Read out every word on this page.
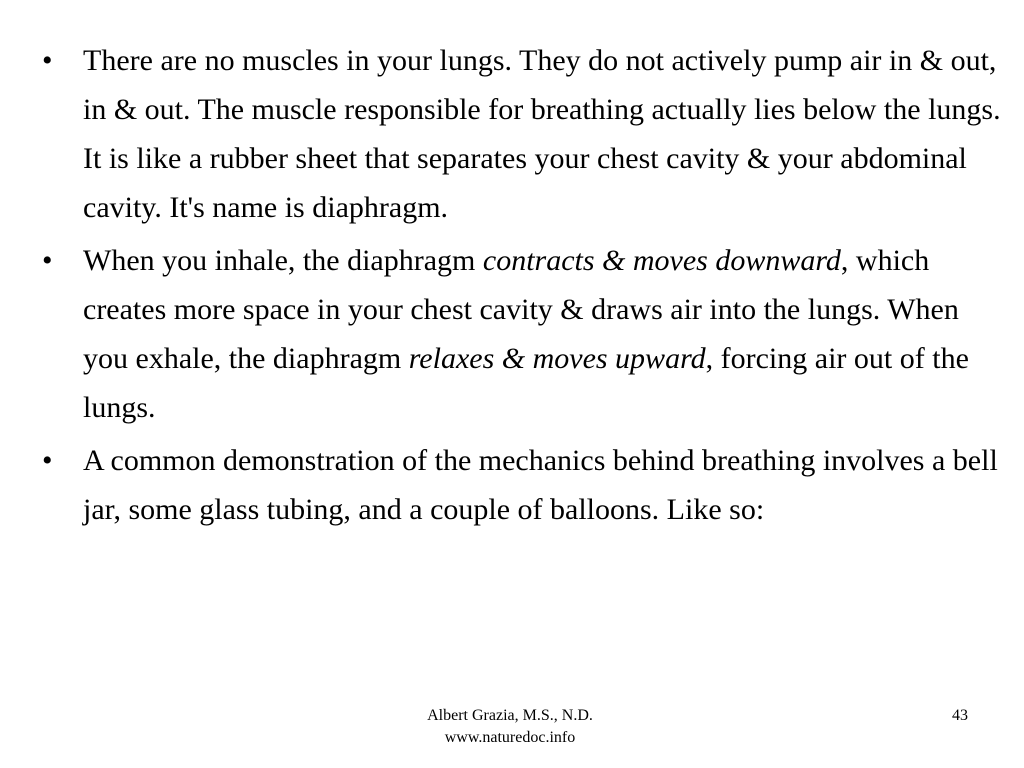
•	There are no muscles in your lungs. They do not actively pump air in & out, in & out. The muscle responsible for breathing actually lies below the lungs. It is like a rubber sheet that separates your chest cavity & your abdominal cavity. It's name is diaphragm.
•	When you inhale, the diaphragm contracts & moves downward, which creates more space in your chest cavity & draws air into the lungs. When you exhale, the diaphragm relaxes & moves upward, forcing air out of the lungs.
•	A common demonstration of the mechanics behind breathing involves a bell jar, some glass tubing, and a couple of balloons. Like so:
Albert Grazia, M.S., N.D.
www.naturedoc.info
43
